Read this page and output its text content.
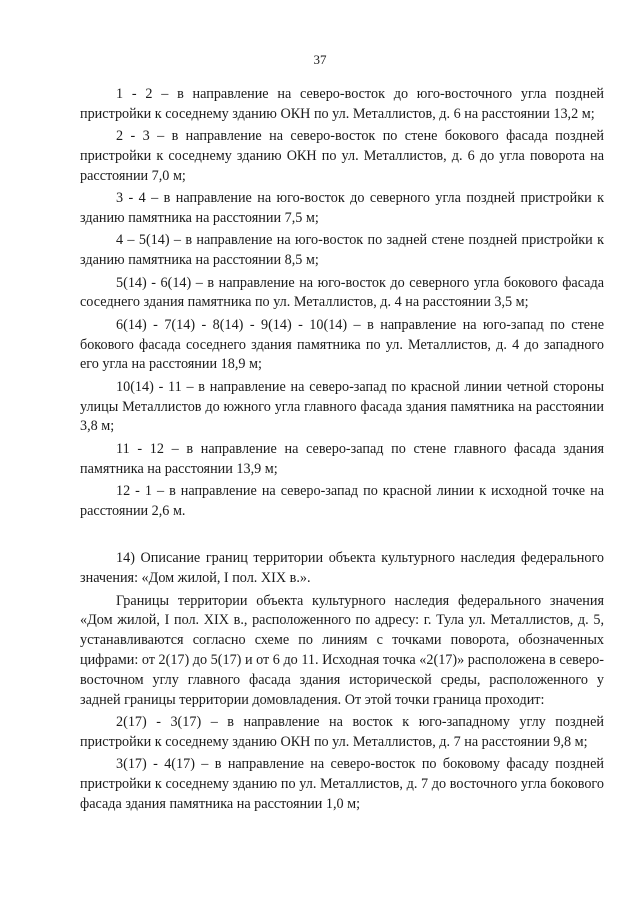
37

1 - 2 – в направление на северо-восток до юго-восточного угла поздней пристройки к соседнему зданию ОКН по ул. Металлистов, д. 6 на расстоянии 13,2 м;

2 - 3 – в направление на северо-восток по стене бокового фасада поздней пристройки к соседнему зданию ОКН по ул. Металлистов, д. 6 до угла поворота на расстоянии 7,0 м;

3 - 4 – в направление на юго-восток до северного угла поздней пристройки к зданию памятника на расстоянии 7,5 м;

4 – 5(14) – в направление на юго-восток по задней стене поздней пристройки к зданию памятника на расстоянии 8,5 м;

5(14) - 6(14) – в направление на юго-восток до северного угла бокового фасада соседнего здания памятника по ул. Металлистов, д. 4 на расстоянии 3,5 м;

6(14) - 7(14) - 8(14) - 9(14) - 10(14) – в направление на юго-запад по стене бокового фасада соседнего здания памятника по ул. Металлистов, д. 4 до западного его угла на расстоянии 18,9 м;

10(14) - 11 – в направление на северо-запад по красной линии четной стороны улицы Металлистов до южного угла главного фасада здания памятника на расстоянии 3,8 м;

11 - 12 – в направление на северо-запад по стене главного фасада здания памятника на расстоянии 13,9 м;

12 - 1 – в направление на северо-запад по красной линии к исходной точке на расстоянии 2,6 м.

14) Описание границ территории объекта культурного наследия федерального значения: «Дом жилой, I пол. XIX в.».

Границы территории объекта культурного наследия федерального значения «Дом жилой, I пол. XIX в., расположенного по адресу: г. Тула ул. Металлистов, д. 5, устанавливаются согласно схеме по линиям с точками поворота, обозначенных цифрами: от 2(17) до 5(17) и от 6 до 11. Исходная точка «2(17)» расположена в северо-восточном углу главного фасада здания исторической среды, расположенного у задней границы территории домовладения. От этой точки граница проходит:

2(17) - 3(17) – в направление на восток к юго-западному углу поздней пристройки к соседнему зданию ОКН по ул. Металлистов, д. 7 на расстоянии 9,8 м;

3(17) - 4(17) – в направление на северо-восток по боковому фасаду поздней пристройки к соседнему зданию по ул. Металлистов, д. 7 до восточного угла бокового фасада здания памятника на расстоянии 1,0 м;
